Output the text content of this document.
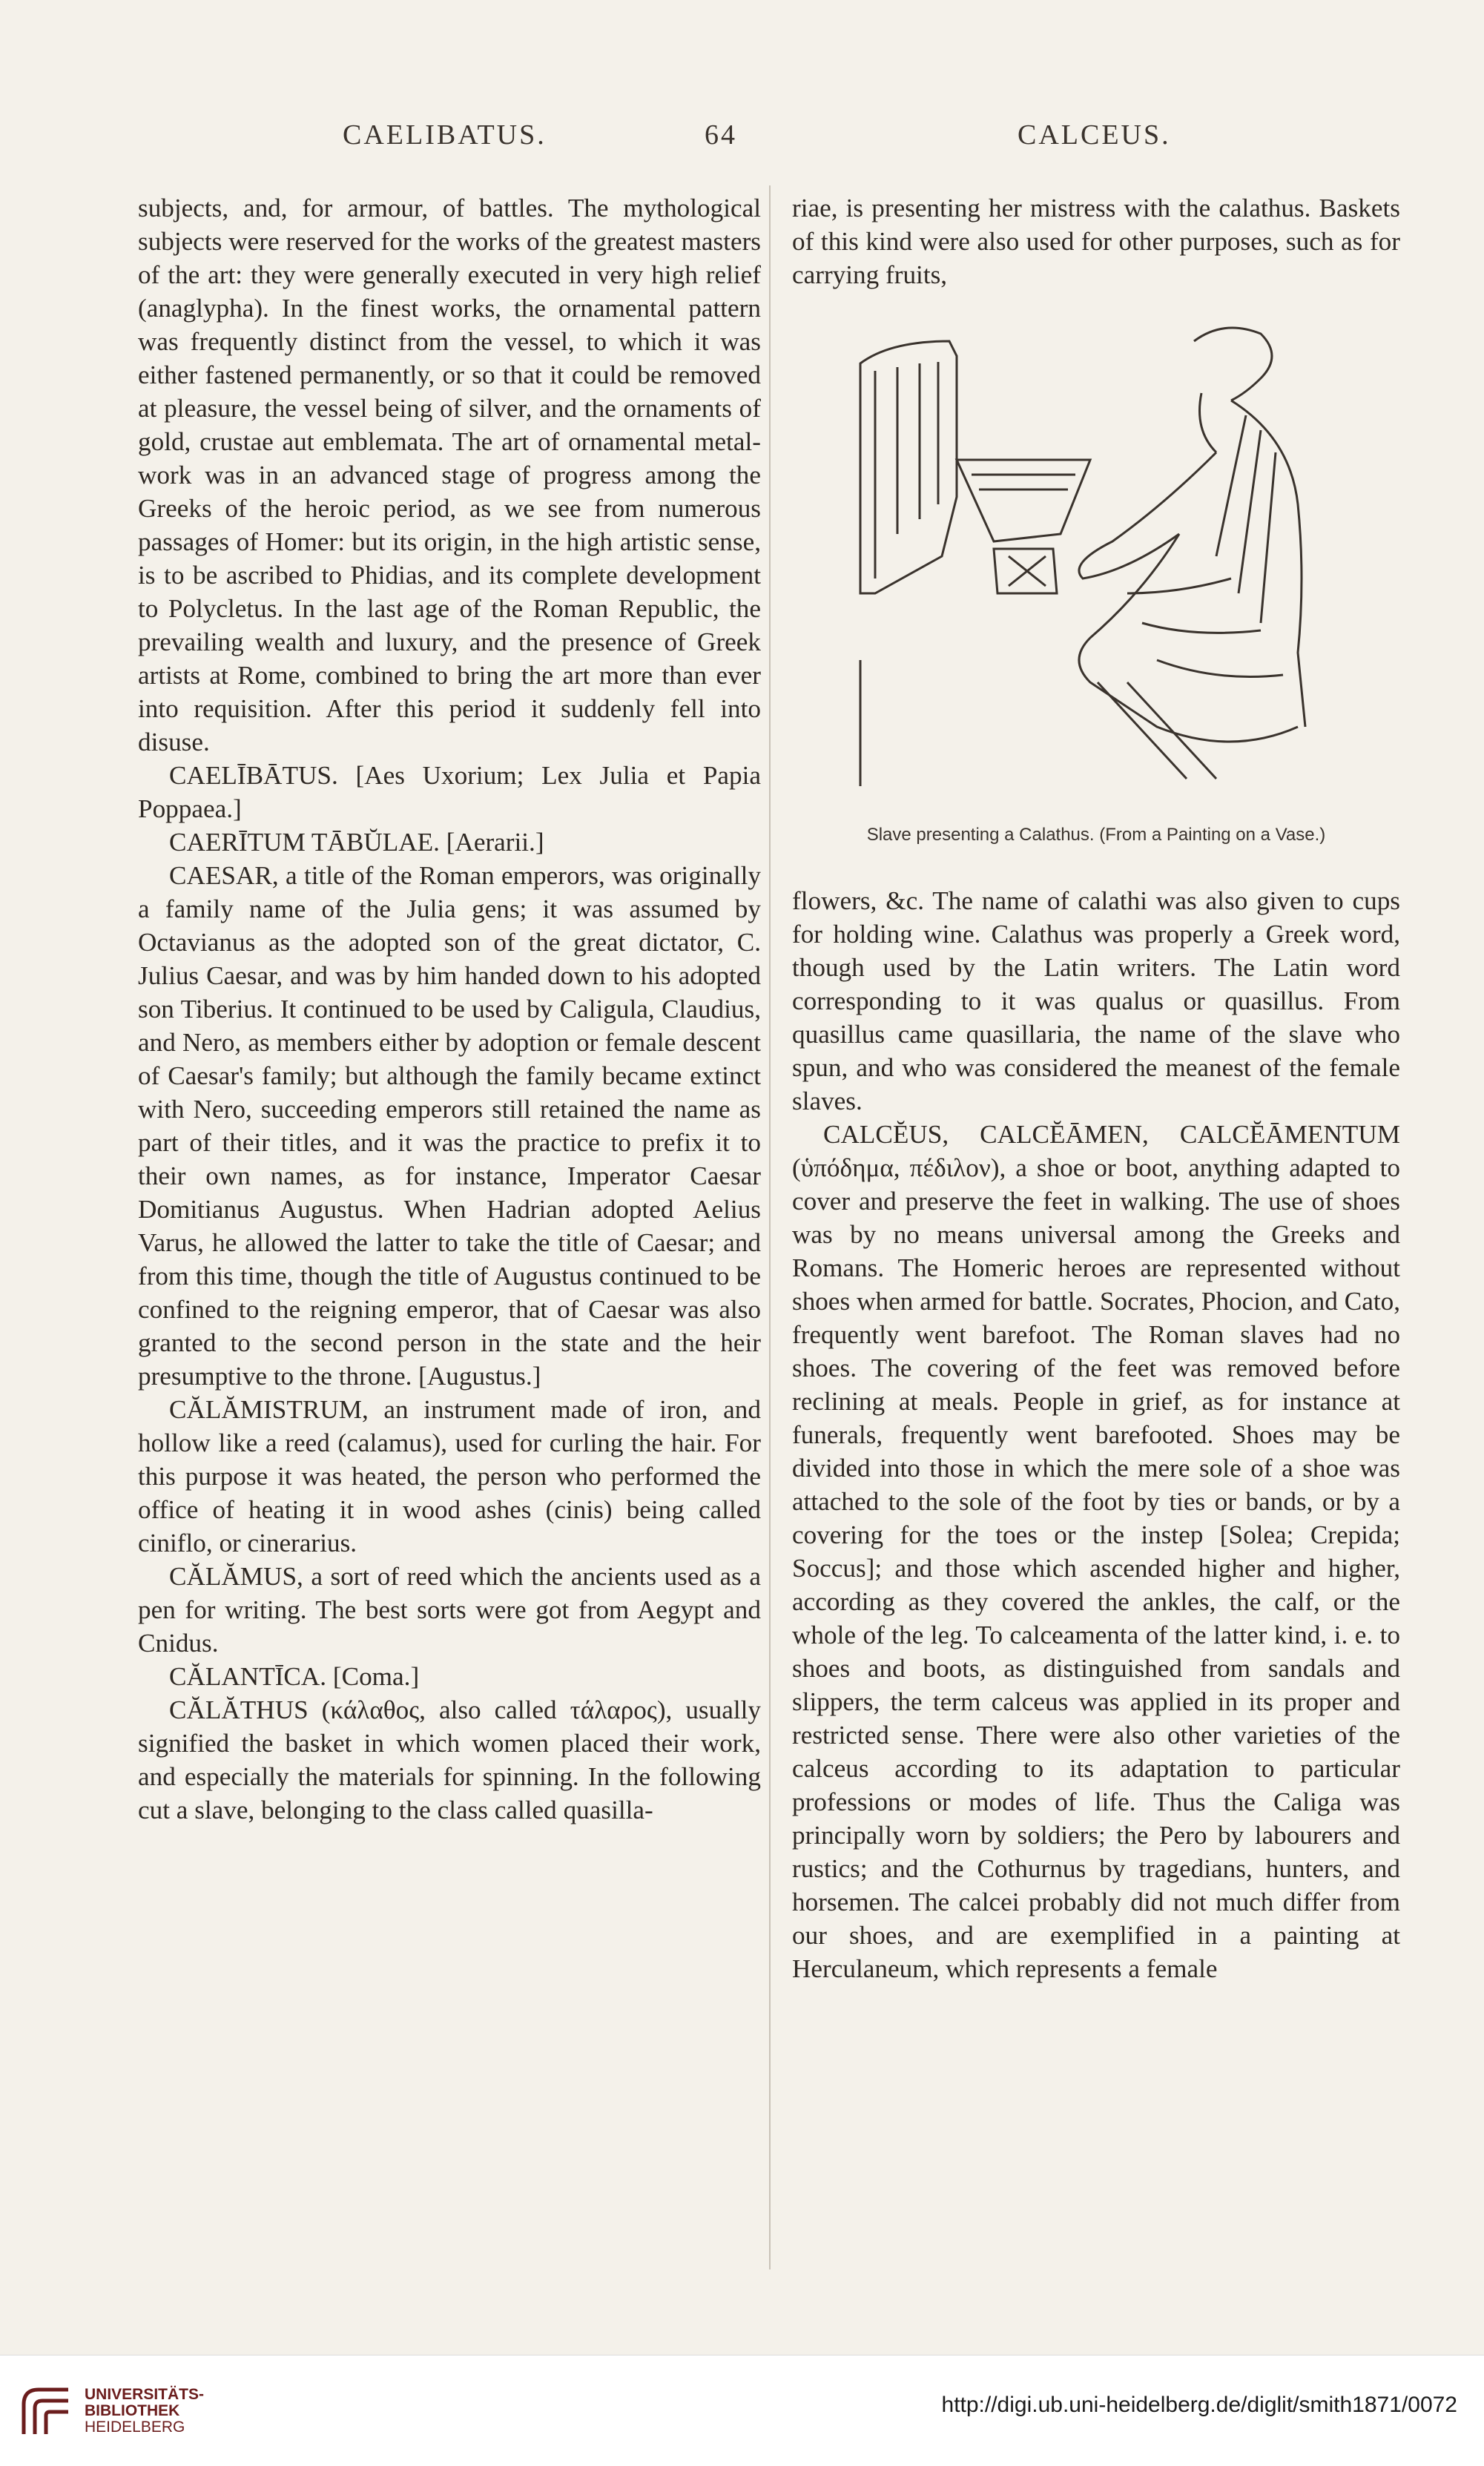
CAELIBATUS.	64	CALCEUS.

subjects, and, for armour, of battles. The mythological subjects were reserved for the works of the greatest masters of the art: they were generally executed in very high relief (anaglypha). In the finest works, the ornamental pattern was frequently distinct from the vessel, to which it was either fastened permanently, or so that it could be removed at pleasure, the vessel being of silver, and the ornaments of gold, crustae aut emblemata. The art of ornamental metal-work was in an advanced stage of progress among the Greeks of the heroic period, as we see from numerous passages of Homer: but its origin, in the high artistic sense, is to be ascribed to Phidias, and its complete development to Polycletus. In the last age of the Roman Republic, the prevailing wealth and luxury, and the presence of Greek artists at Rome, combined to bring the art more than ever into requisition. After this period it suddenly fell into disuse.

CAELĪBĀTUS. [Aes Uxorium; Lex Julia et Papia Poppaea.]

CAERĪTUM TĀBŬLAE. [Aerarii.]

CAESAR, a title of the Roman emperors, was originally a family name of the Julia gens; it was assumed by Octavianus as the adopted son of the great dictator, C. Julius Caesar, and was by him handed down to his adopted son Tiberius. It continued to be used by Caligula, Claudius, and Nero, as members either by adoption or female descent of Caesar's family; but although the family became extinct with Nero, succeeding emperors still retained the name as part of their titles, and it was the practice to prefix it to their own names, as for instance, Imperator Caesar Domitianus Augustus. When Hadrian adopted Aelius Varus, he allowed the latter to take the title of Caesar; and from this time, though the title of Augustus continued to be confined to the reigning emperor, that of Caesar was also granted to the second person in the state and the heir presumptive to the throne. [Augustus.]

CĂLĂMISTRUM, an instrument made of iron, and hollow like a reed (calamus), used for curling the hair. For this purpose it was heated, the person who performed the office of heating it in wood ashes (cinis) being called ciniflo, or cinerarius.

CĂLĂMUS, a sort of reed which the ancients used as a pen for writing. The best sorts were got from Aegypt and Cnidus.

CĂLANTĪCA. [Coma.]

CĂLĂTHUS (κάλαθος, also called τάλαρος), usually signified the basket in which women placed their work, and especially the materials for spinning. In the following cut a slave, belonging to the class called quasilla-

riae, is presenting her mistress with the calathus. Baskets of this kind were also used for other purposes, such as for carrying fruits,

Slave presenting a Calathus. (From a Painting on a Vase.)

flowers, &c. The name of calathi was also given to cups for holding wine. Calathus was properly a Greek word, though used by the Latin writers. The Latin word corresponding to it was qualus or quasillus. From quasillus came quasillaria, the name of the slave who spun, and who was considered the meanest of the female slaves.

CALCĔUS, CALCĔĀMEN, CALCĔĀMENTUM (ὑπόδημα, πέδιλον), a shoe or boot, anything adapted to cover and preserve the feet in walking. The use of shoes was by no means universal among the Greeks and Romans. The Homeric heroes are represented without shoes when armed for battle. Socrates, Phocion, and Cato, frequently went barefoot. The Roman slaves had no shoes. The covering of the feet was removed before reclining at meals. People in grief, as for instance at funerals, frequently went barefooted. Shoes may be divided into those in which the mere sole of a shoe was attached to the sole of the foot by ties or bands, or by a covering for the toes or the instep [Solea; Crepida; Soccus]; and those which ascended higher and higher, according as they covered the ankles, the calf, or the whole of the leg. To calceamenta of the latter kind, i. e. to shoes and boots, as distinguished from sandals and slippers, the term calceus was applied in its proper and restricted sense. There were also other varieties of the calceus according to its adaptation to particular professions or modes of life. Thus the Caliga was principally worn by soldiers; the Pero by labourers and rustics; and the Cothurnus by tragedians, hunters, and horsemen. The calcei probably did not much differ from our shoes, and are exemplified in a painting at Herculaneum, which represents a female

UNIVERSITÄTS-
BIBLIOTHEK
HEIDELBERG
http://digi.ub.uni-heidelberg.de/diglit/smith1871/0072
